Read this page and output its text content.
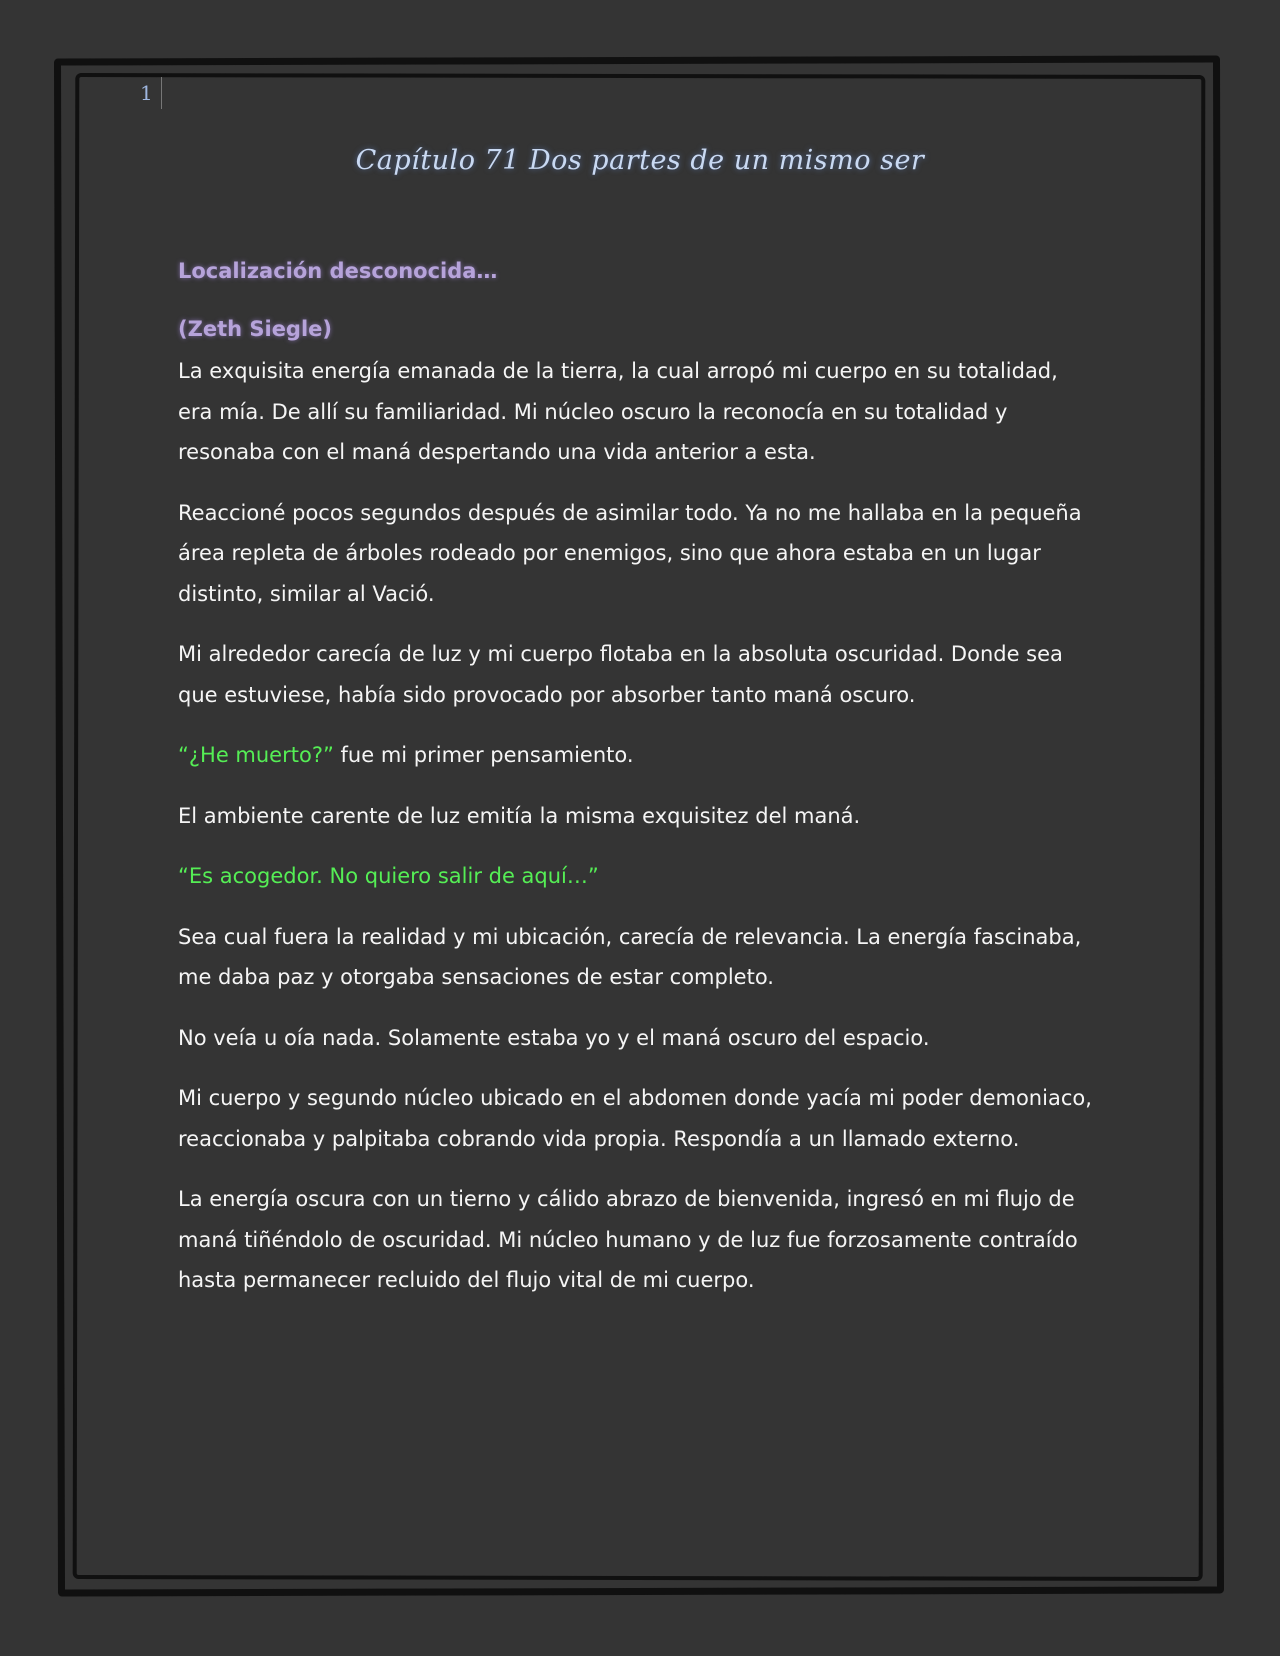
1
Capítulo 71 Dos partes de un mismo ser

Localización desconocida…

(Zeth Siegle)

La exquisita energía emanada de la tierra, la cual arropó mi cuerpo en su totalidad, era mía. De allí su familiaridad. Mi núcleo oscuro la reconocía en su totalidad y resonaba con el maná despertando una vida anterior a esta.

Reaccioné pocos segundos después de asimilar todo. Ya no me hallaba en la pequeña área repleta de árboles rodeado por enemigos, sino que ahora estaba en un lugar distinto, similar al Vació.

Mi alrededor carecía de luz y mi cuerpo flotaba en la absoluta oscuridad. Donde sea que estuviese, había sido provocado por absorber tanto maná oscuro.

“¿He muerto?” fue mi primer pensamiento.

El ambiente carente de luz emitía la misma exquisitez del maná.

“Es acogedor. No quiero salir de aquí…”

Sea cual fuera la realidad y mi ubicación, carecía de relevancia. La energía fascinaba, me daba paz y otorgaba sensaciones de estar completo.

No veía u oía nada. Solamente estaba yo y el maná oscuro del espacio.

Mi cuerpo y segundo núcleo ubicado en el abdomen donde yacía mi poder demoniaco, reaccionaba y palpitaba cobrando vida propia. Respondía a un llamado externo.

La energía oscura con un tierno y cálido abrazo de bienvenida, ingresó en mi flujo de maná tiñéndolo de oscuridad. Mi núcleo humano y de luz fue forzosamente contraído hasta permanecer recluido del flujo vital de mi cuerpo.
